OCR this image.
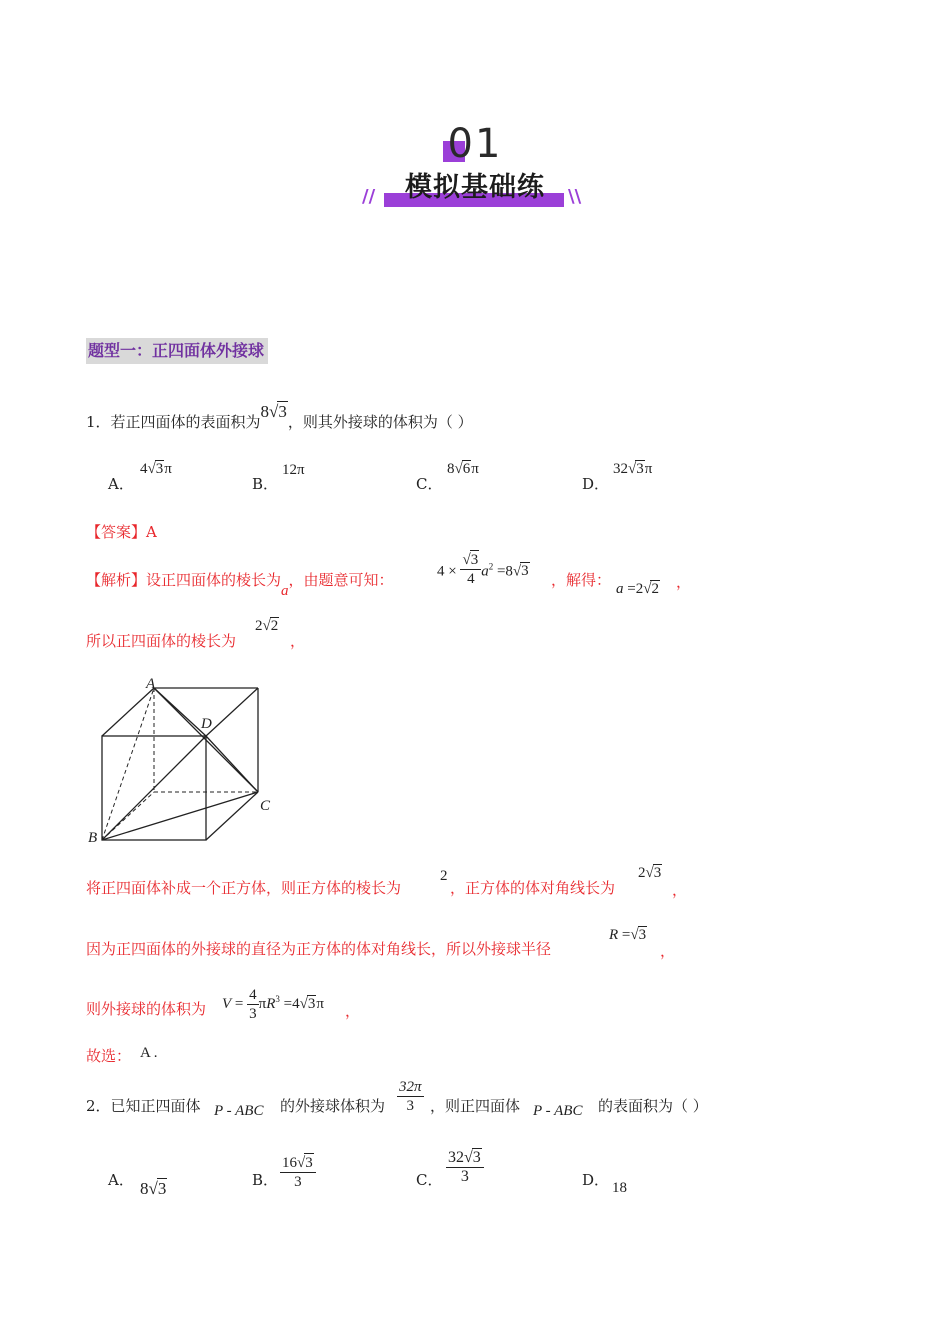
01
模拟基础练
//	\\
题型一：正四面体外接球
1．若正四面体的表面积为8√3，则其外接球的体积为（ ）
A．
4√3π
B．
12π
C．
8√6π
D．
32√3π
【答案】A
【解析】设正四面体的棱长为a，由题意可知：	$4 \times \frac{√3}{4} a^2 =8√3$ ，解得： a =2√2 ，
所以正四面体的棱长为
2√2
，
A
D
C
B
将正四面体补成一个正方体，则正方体的棱长为
2
，正方体的体对角线长为
2√3
，
因为正四面体的外接球的直径为正方体的体对角线长，所以外接球半径
R =√3
，
则外接球的体积为 $V = \frac{4}{3} \pi R^3 =4√3\pi$ ，
故选： A .
2．已知正四面体 P - ABC 的外接球体积为 $\frac{32\pi}{3}$ ，则正四面体 P - ABC 的表面积为（ ）
A． 8√3	B． $\frac{16√3}{3}$	C． $\frac{32√3}{3}$	D． 18
